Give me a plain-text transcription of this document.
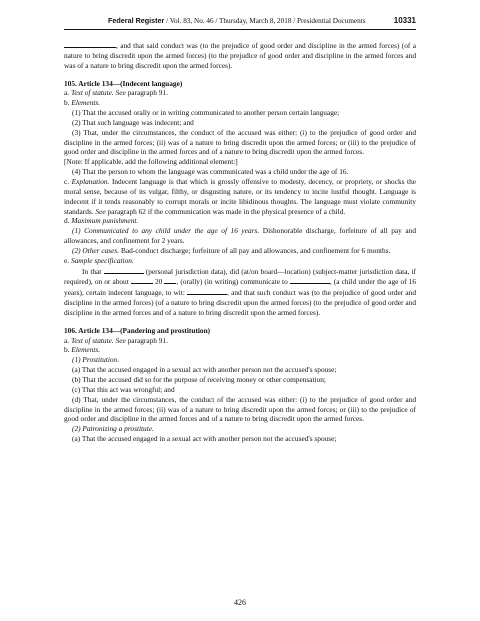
Federal Register / Vol. 83, No. 46 / Thursday, March 8, 2018 / Presidential Documents	10331

, and that said conduct was (to the prejudice of good order and discipline in the armed forces) (of a nature to bring discredit upon the armed forces) (to the prejudice of good order and discipline in the armed forces and was of a nature to bring discredit upon the armed forces).

105. Article 134—(Indecent language)

a. Text of statute. See paragraph 91.

b. Elements.

(1) That the accused orally or in writing communicated to another person certain language;

(2) That such language was indecent; and

(3) That, under the circumstances, the conduct of the accused was either: (i) to the prejudice of good order and discipline in the armed forces; (ii) was of a nature to bring discredit upon the armed forces; or (iii) to the prejudice of good order and discipline in the armed forces and of a nature to bring discredit upon the armed forces.

[Note: If applicable, add the following additional element:]

(4) That the person to whom the language was communicated was a child under the age of 16.

c. Explanation. Indecent language is that which is grossly offensive to modesty, decency, or propriety, or shocks the moral sense, because of its vulgar, filthy, or disgusting nature, or its tendency to incite lustful thought. Language is indecent if it tends reasonably to corrupt morals or incite libidinous thoughts. The language must violate community standards. See paragraph 62 if the communication was made in the physical presence of a child.

d. Maximum punishment.

(1) Communicated to any child under the age of 16 years. Dishonorable discharge, forfeiture of all pay and allowances, and confinement for 2 years.

(2) Other cases. Bad-conduct discharge; forfeiture of all pay and allowances, and confinement for 6 months.

e. Sample specification.

In that	(personal jurisdiction data), did (at/on board—location) (subject-matter jurisdiction data, if required), on or about	20 , (orally) (in writing) communicate to	, (a child under the age of 16 years), certain indecent language, to wit:	, and that such conduct was (to the prejudice of good order and discipline in the armed forces) (of a nature to bring discredit upon the armed forces) (to the prejudice of good order and discipline in the armed forces and of a nature to bring discredit upon the armed forces).

106. Article 134—(Pandering and prostitution)

a. Text of statute. See paragraph 91.

b. Elements.

(1) Prostitution.

(a) That the accused engaged in a sexual act with another person not the accused's spouse;

(b) That the accused did so for the purpose of receiving money or other compensation;

(c) That this act was wrongful; and

(d) That, under the circumstances, the conduct of the accused was either: (i) to the prejudice of good order and discipline in the armed forces; (ii) was of a nature to bring discredit upon the armed forces; or (iii) to the prejudice of good order and discipline in the armed forces and of a nature to bring discredit upon the armed forces.

(2) Patronizing a prostitute.

(a) That the accused engaged in a sexual act with another person not the accused's spouse;

426
